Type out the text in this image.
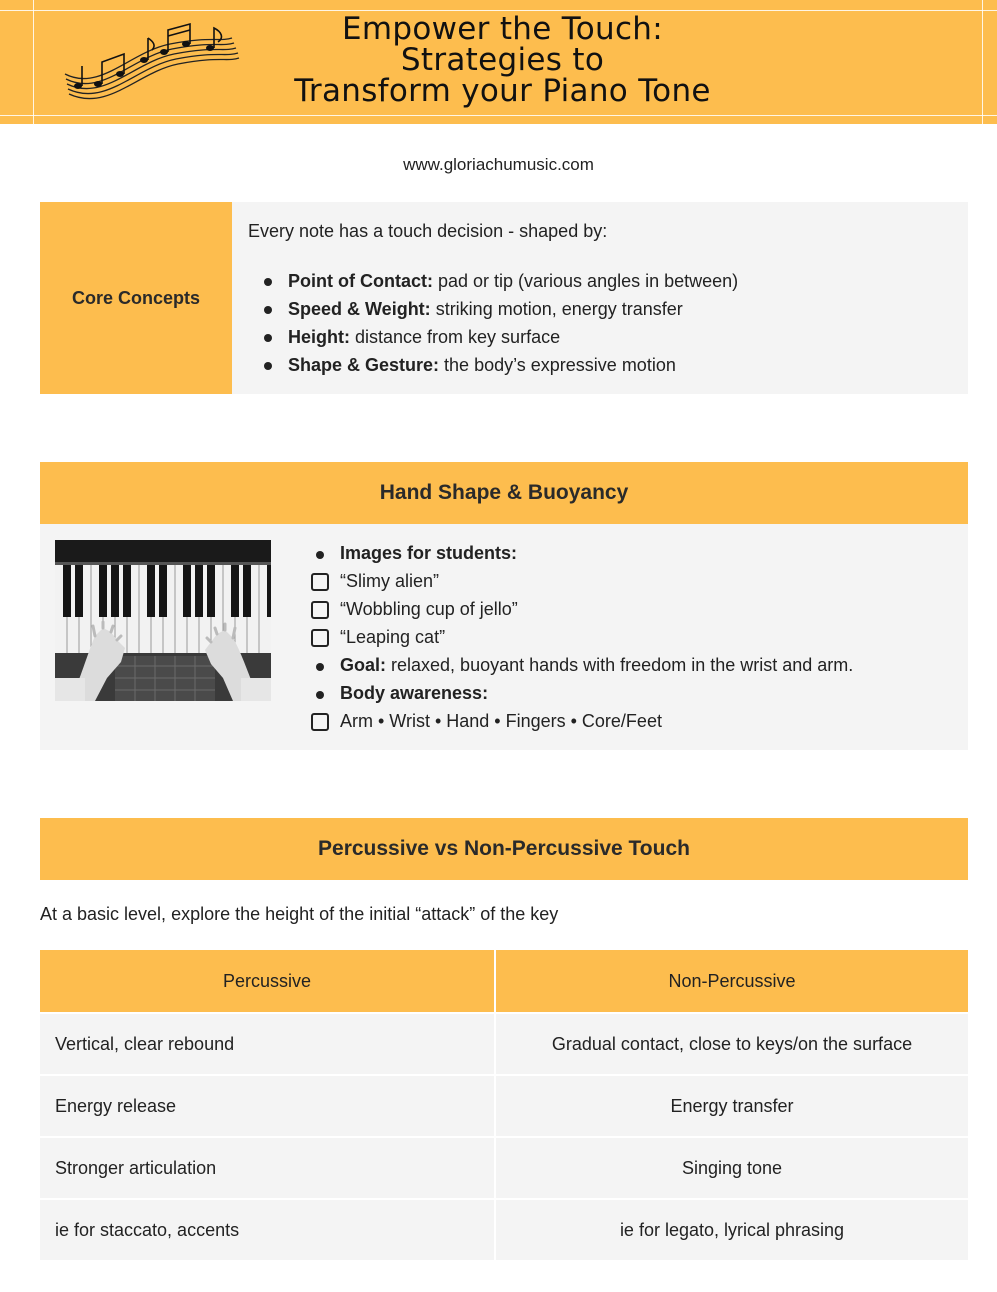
Empower the Touch:
Strategies to
Transform your Piano Tone
www.gloriachumusic.com
Core Concepts
Every note has a touch decision - shaped by:
Point of Contact: pad or tip (various angles in between)
Speed & Weight: striking motion, energy transfer
Height: distance from key surface
Shape & Gesture: the body’s expressive motion
Hand Shape & Buoyancy
Images for students:
“Slimy alien”
“Wobbling cup of jello”
“Leaping cat”
Goal: relaxed, buoyant hands with freedom in the wrist and arm.
Body awareness:
Arm • Wrist • Hand • Fingers • Core/Feet
Percussive vs Non-Percussive Touch
At a basic level, explore the height of the initial “attack” of the key
Percussive	Non-Percussive
Vertical, clear rebound	Gradual contact, close to keys/on the surface
Energy release	Energy transfer
Stronger articulation	Singing tone
ie for staccato, accents	ie for legato, lyrical phrasing
